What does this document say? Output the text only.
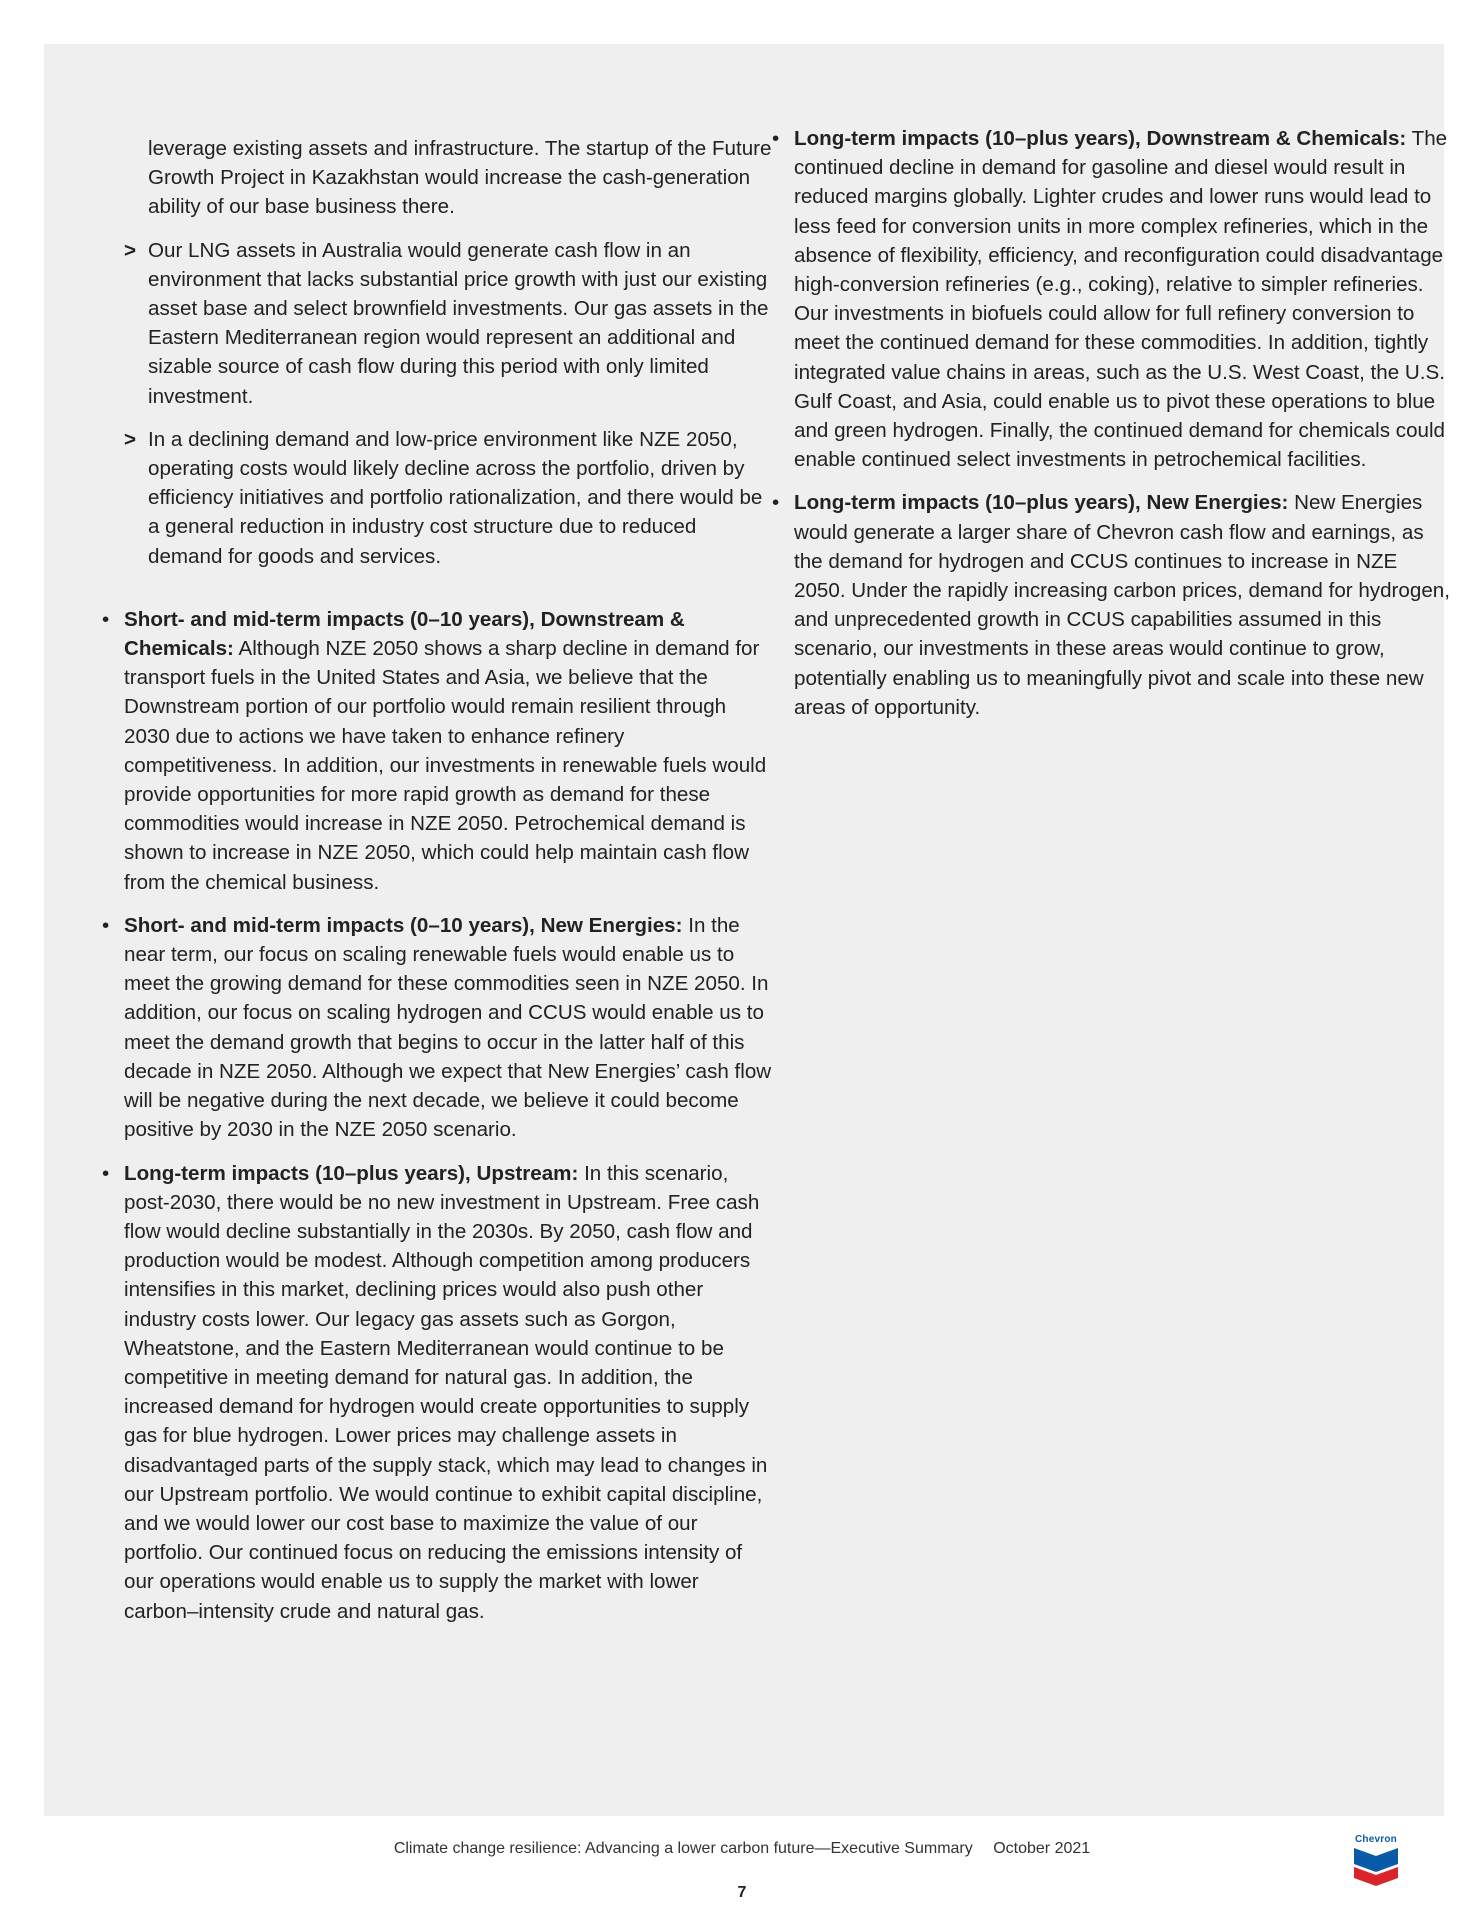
leverage existing assets and infrastructure. The startup of the Future Growth Project in Kazakhstan would increase the cash-generation ability of our base business there.

> Our LNG assets in Australia would generate cash flow in an environment that lacks substantial price growth with just our existing asset base and select brownfield investments. Our gas assets in the Eastern Mediterranean region would represent an additional and sizable source of cash flow during this period with only limited investment.
> In a declining demand and low-price environment like NZE 2050, operating costs would likely decline across the portfolio, driven by efficiency initiatives and portfolio rationalization, and there would be a general reduction in industry cost structure due to reduced demand for goods and services.
• Short- and mid-term impacts (0–10 years), Downstream & Chemicals: Although NZE 2050 shows a sharp decline in demand for transport fuels in the United States and Asia, we believe that the Downstream portion of our portfolio would remain resilient through 2030 due to actions we have taken to enhance refinery competitiveness. In addition, our investments in renewable fuels would provide opportunities for more rapid growth as demand for these commodities would increase in NZE 2050. Petrochemical demand is shown to increase in NZE 2050, which could help maintain cash flow from the chemical business.
• Short- and mid-term impacts (0–10 years), New Energies: In the near term, our focus on scaling renewable fuels would enable us to meet the growing demand for these commodities seen in NZE 2050. In addition, our focus on scaling hydrogen and CCUS would enable us to meet the demand growth that begins to occur in the latter half of this decade in NZE 2050. Although we expect that New Energies’ cash flow will be negative during the next decade, we believe it could become positive by 2030 in the NZE 2050 scenario.
• Long-term impacts (10–plus years), Upstream: In this scenario, post-2030, there would be no new investment in Upstream. Free cash flow would decline substantially in the 2030s. By 2050, cash flow and production would be modest. Although competition among producers intensifies in this market, declining prices would also push other industry costs lower. Our legacy gas assets such as Gorgon, Wheatstone, and the Eastern Mediterranean would continue to be competitive in meeting demand for natural gas. In addition, the increased demand for hydrogen would create opportunities to supply gas for blue hydrogen. Lower prices may challenge assets in disadvantaged parts of the supply stack, which may lead to changes in our Upstream portfolio. We would continue to exhibit capital discipline, and we would lower our cost base to maximize the value of our portfolio. Our continued focus on reducing the emissions intensity of our operations would enable us to supply the market with lower carbon–intensity crude and natural gas.
• Long-term impacts (10–plus years), Downstream & Chemicals: The continued decline in demand for gasoline and diesel would result in reduced margins globally. Lighter crudes and lower runs would lead to less feed for conversion units in more complex refineries, which in the absence of flexibility, efficiency, and reconfiguration could disadvantage high-conversion refineries (e.g., coking), relative to simpler refineries. Our investments in biofuels could allow for full refinery conversion to meet the continued demand for these commodities. In addition, tightly integrated value chains in areas, such as the U.S. West Coast, the U.S. Gulf Coast, and Asia, could enable us to pivot these operations to blue and green hydrogen. Finally, the continued demand for chemicals could enable continued select investments in petrochemical facilities.
• Long-term impacts (10–plus years), New Energies: New Energies would generate a larger share of Chevron cash flow and earnings, as the demand for hydrogen and CCUS continues to increase in NZE 2050. Under the rapidly increasing carbon prices, demand for hydrogen, and unprecedented growth in CCUS capabilities assumed in this scenario, our investments in these areas would continue to grow, potentially enabling us to meaningfully pivot and scale into these new areas of opportunity.
Climate change resilience: Advancing a lower carbon future—Executive Summary October 2021
7
Chevron
